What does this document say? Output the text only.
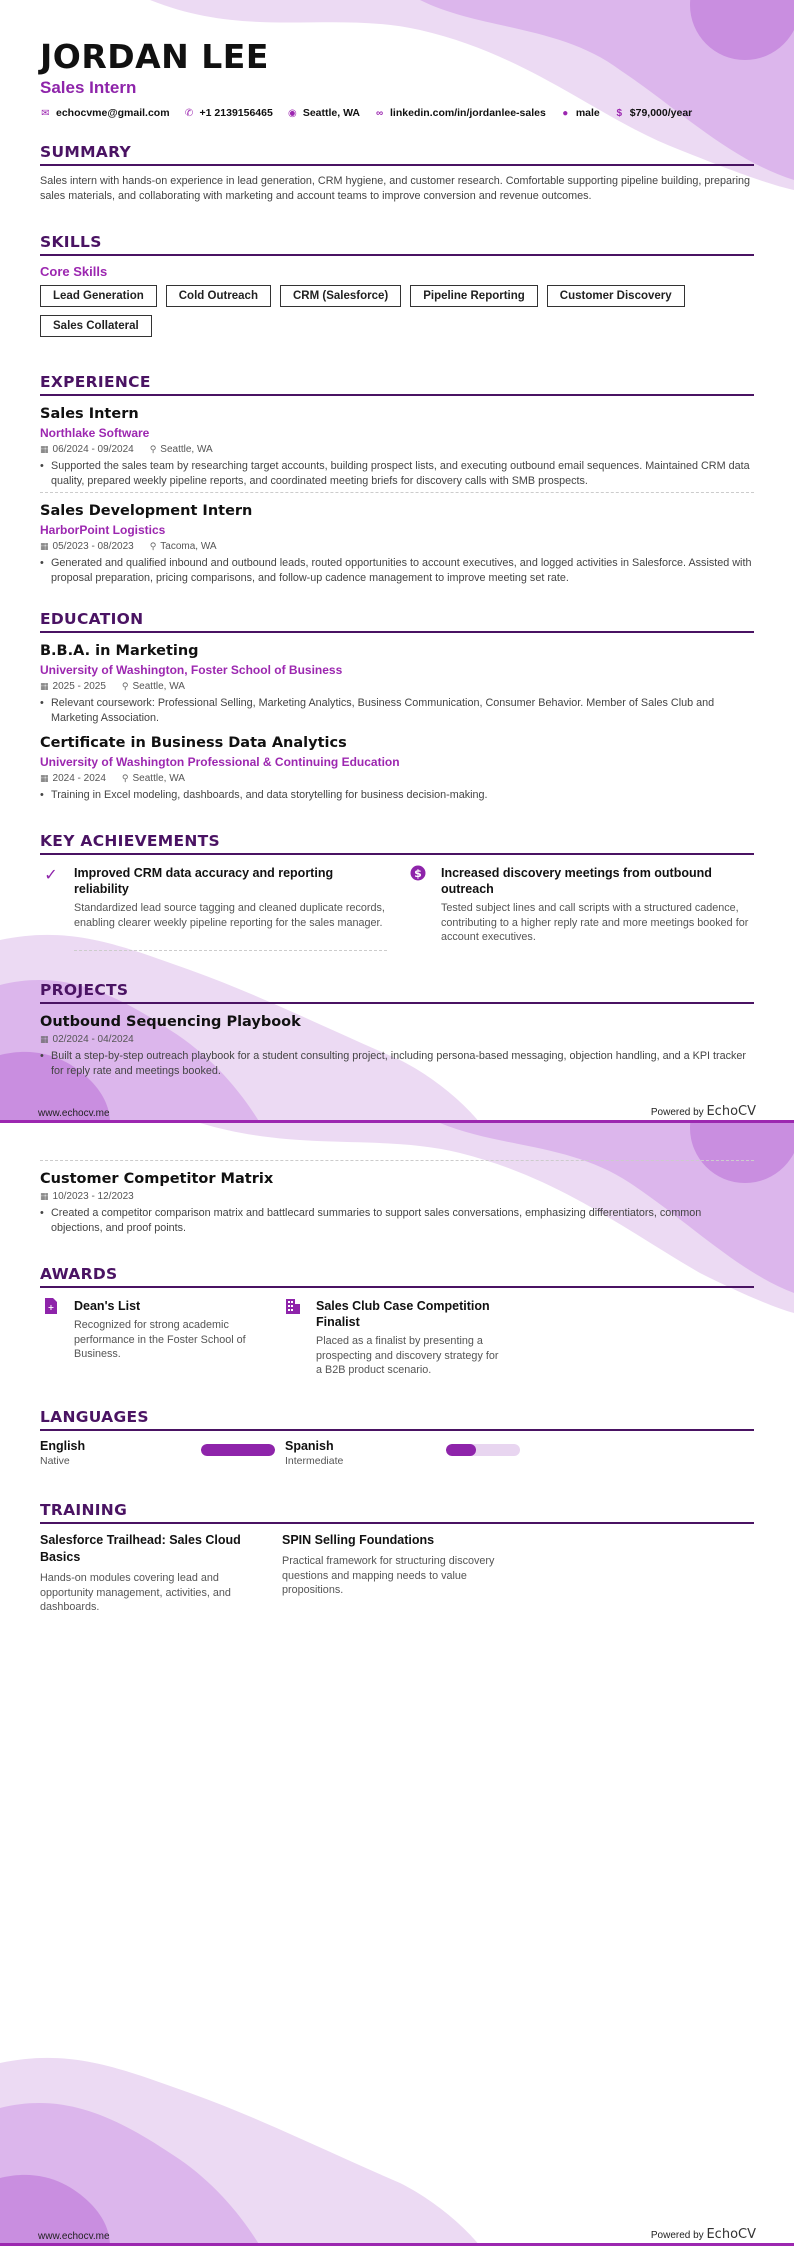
JORDAN LEE
Sales Intern
✉ echocvme@gmail.com ✆ +1 2139156465 ◉ Seattle, WA ∞ linkedin.com/in/jordanlee-sales ● male $ $79,000/year
SUMMARY
Sales intern with hands-on experience in lead generation, CRM hygiene, and customer research. Comfortable supporting pipeline building, preparing sales materials, and collaborating with marketing and account teams to improve conversion and revenue outcomes.
SKILLS
Core Skills
Lead Generation	Cold Outreach	CRM (Salesforce)	Pipeline Reporting	Customer Discovery
Sales Collateral
EXPERIENCE
Sales Intern
Northlake Software
▦ 06/2024 - 09/2024 ⚲ Seattle, WA
• Supported the sales team by researching target accounts, building prospect lists, and executing outbound email sequences. Maintained CRM data quality, prepared weekly pipeline reports, and coordinated meeting briefs for discovery calls with SMB prospects.
Sales Development Intern
HarborPoint Logistics
▦ 05/2023 - 08/2023 ⚲ Tacoma, WA
• Generated and qualified inbound and outbound leads, routed opportunities to account executives, and logged activities in Salesforce. Assisted with proposal preparation, pricing comparisons, and follow-up cadence management to improve meeting set rate.
EDUCATION
B.B.A. in Marketing
University of Washington, Foster School of Business
▦ 2025 - 2025 ⚲ Seattle, WA
• Relevant coursework: Professional Selling, Marketing Analytics, Business Communication, Consumer Behavior. Member of Sales Club and Marketing Association.
Certificate in Business Data Analytics
University of Washington Professional & Continuing Education
▦ 2024 - 2024 ⚲ Seattle, WA
• Training in Excel modeling, dashboards, and data storytelling for business decision-making.
KEY ACHIEVEMENTS
✓	Improved CRM data accuracy and reporting reliability
Standardized lead source tagging and cleaned duplicate records, enabling clearer weekly pipeline reporting for the sales manager.
$ Increased discovery meetings from outbound outreach
Tested subject lines and call scripts with a structured cadence, contributing to a higher reply rate and more meetings booked for account executives.
PROJECTS
Outbound Sequencing Playbook
▦ 02/2024 - 04/2024
• Built a step-by-step outreach playbook for a student consulting project, including persona-based messaging, objection handling, and a KPI tracker for reply rate and meetings booked.
www.echocv.me	Powered by EchoCV
Customer Competitor Matrix
▦ 10/2023 - 12/2023
• Created a competitor comparison matrix and battlecard summaries to support sales conversations, emphasizing differentiators, common objections, and proof points.
AWARDS
+ Dean's List
Recognized for strong academic performance in the Foster School of Business.
Sales Club Case Competition Finalist
Placed as a finalist by presenting a prospecting and discovery strategy for a B2B product scenario.
LANGUAGES
English
Native
Spanish
Intermediate
TRAINING
Salesforce Trailhead: Sales Cloud Basics
Hands-on modules covering lead and opportunity management, activities, and dashboards.
SPIN Selling Foundations
Practical framework for structuring discovery questions and mapping needs to value propositions.
www.echocv.me	Powered by EchoCV
